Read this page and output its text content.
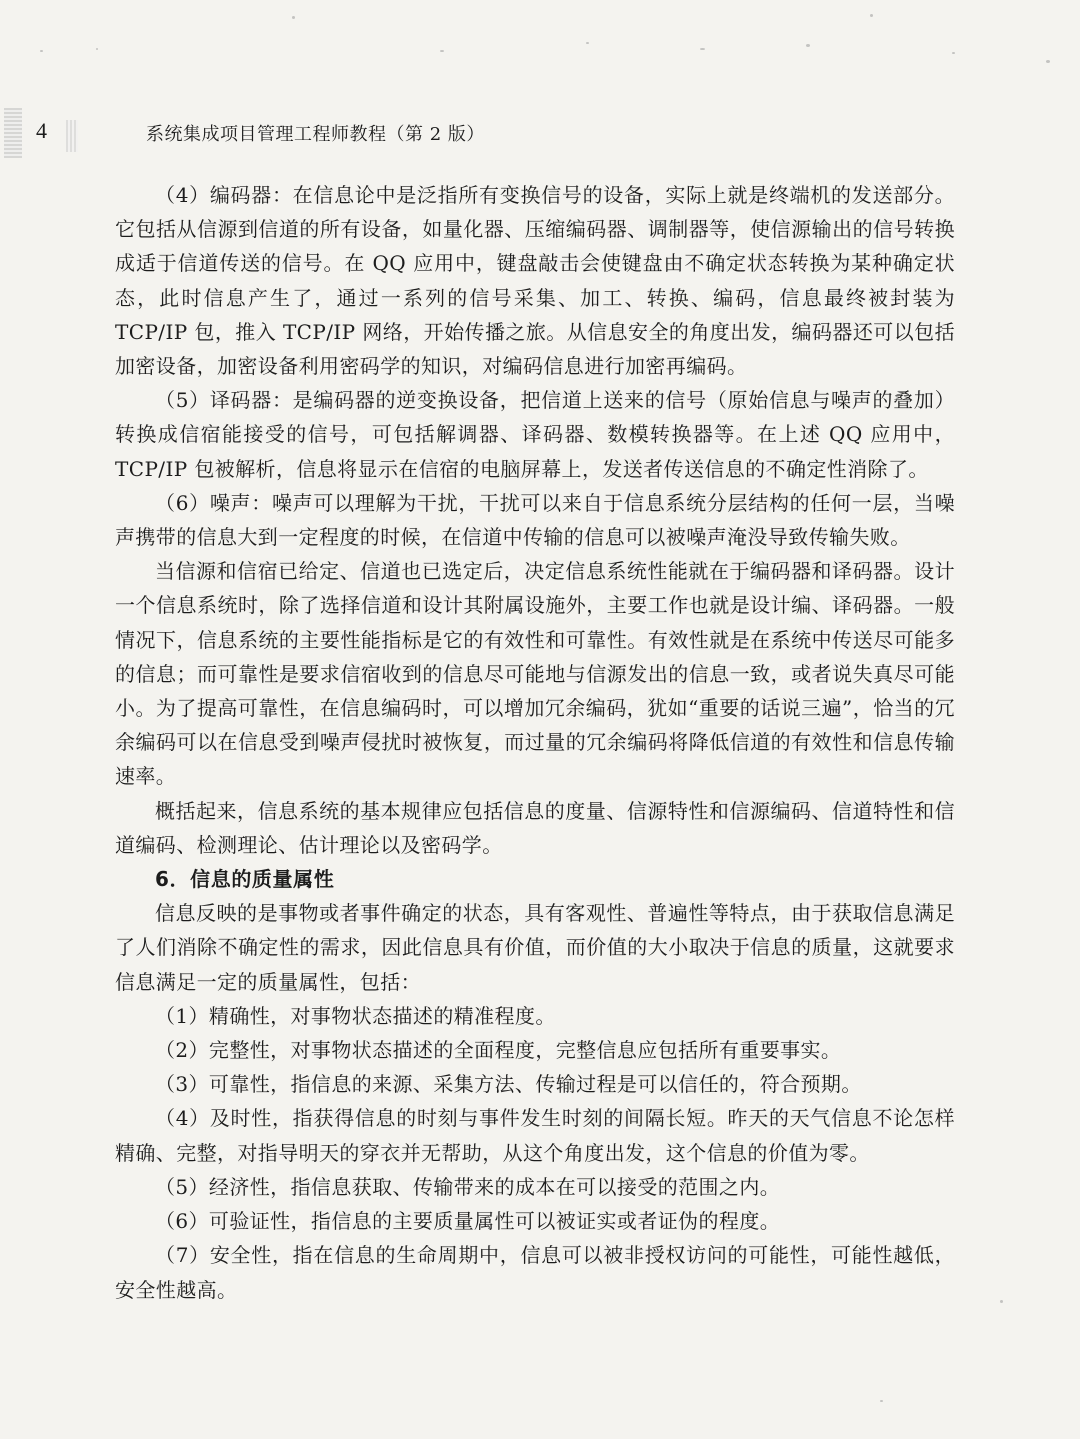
4	系统集成项目管理工程师教程（第 2 版）

（4）编码器：在信息论中是泛指所有变换信号的设备，实际上就是终端机的发送部分。它包括从信源到信道的所有设备，如量化器、压缩编码器、调制器等，使信源输出的信号转换成适于信道传送的信号。在 QQ 应用中，键盘敲击会使键盘由不确定状态转换为某种确定状态，此时信息产生了，通过一系列的信号采集、加工、转换、编码，信息最终被封装为 TCP/IP 包，推入 TCP/IP 网络，开始传播之旅。从信息安全的角度出发，编码器还可以包括加密设备，加密设备利用密码学的知识，对编码信息进行加密再编码。

（5）译码器：是编码器的逆变换设备，把信道上送来的信号（原始信息与噪声的叠加）转换成信宿能接受的信号，可包括解调器、译码器、数模转换器等。在上述 QQ 应用中，TCP/IP 包被解析，信息将显示在信宿的电脑屏幕上，发送者传送信息的不确定性消除了。

（6）噪声：噪声可以理解为干扰，干扰可以来自于信息系统分层结构的任何一层，当噪声携带的信息大到一定程度的时候，在信道中传输的信息可以被噪声淹没导致传输失败。

当信源和信宿已给定、信道也已选定后，决定信息系统性能就在于编码器和译码器。设计一个信息系统时，除了选择信道和设计其附属设施外，主要工作也就是设计编、译码器。一般情况下，信息系统的主要性能指标是它的有效性和可靠性。有效性就是在系统中传送尽可能多的信息；而可靠性是要求信宿收到的信息尽可能地与信源发出的信息一致，或者说失真尽可能小。为了提高可靠性，在信息编码时，可以增加冗余编码，犹如“重要的话说三遍”，恰当的冗余编码可以在信息受到噪声侵扰时被恢复，而过量的冗余编码将降低信道的有效性和信息传输速率。

概括起来，信息系统的基本规律应包括信息的度量、信源特性和信源编码、信道特性和信道编码、检测理论、估计理论以及密码学。

6．信息的质量属性

信息反映的是事物或者事件确定的状态，具有客观性、普遍性等特点，由于获取信息满足了人们消除不确定性的需求，因此信息具有价值，而价值的大小取决于信息的质量，这就要求信息满足一定的质量属性，包括：

（1）精确性，对事物状态描述的精准程度。

（2）完整性，对事物状态描述的全面程度，完整信息应包括所有重要事实。

（3）可靠性，指信息的来源、采集方法、传输过程是可以信任的，符合预期。

（4）及时性，指获得信息的时刻与事件发生时刻的间隔长短。昨天的天气信息不论怎样精确、完整，对指导明天的穿衣并无帮助，从这个角度出发，这个信息的价值为零。

（5）经济性，指信息获取、传输带来的成本在可以接受的范围之内。

（6）可验证性，指信息的主要质量属性可以被证实或者证伪的程度。

（7）安全性，指在信息的生命周期中，信息可以被非授权访问的可能性，可能性越低，安全性越高。
